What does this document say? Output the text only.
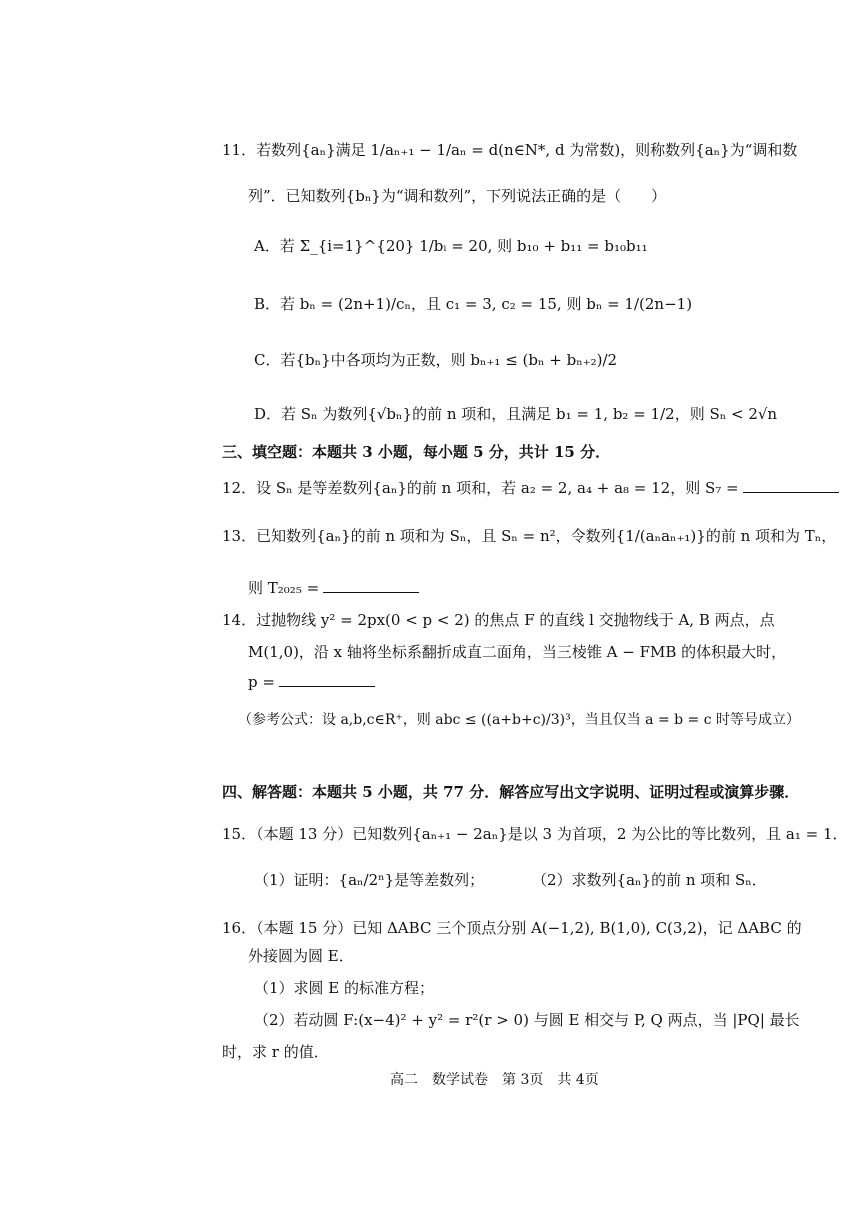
11．若数列{aₙ}满足 1/aₙ₊₁ − 1/aₙ = d(n∈N*, d 为常数)，则称数列{aₙ}为“调和数
列”．已知数列{bₙ}为“调和数列”，下列说法正确的是（　　）
A．若 Σ_{i=1}^{20} 1/bᵢ = 20, 则 b₁₀ + b₁₁ = b₁₀b₁₁
B．若 bₙ = (2n+1)/cₙ，且 c₁ = 3, c₂ = 15, 则 bₙ = 1/(2n−1)
C．若{bₙ}中各项均为正数，则 bₙ₊₁ ≤ (bₙ + bₙ₊₂)/2
D．若 Sₙ 为数列{√bₙ}的前 n 项和，且满足 b₁ = 1, b₂ = 1/2，则 Sₙ < 2√n
三、填空题：本题共 3 小题，每小题 5 分，共计 15 分．
12．设 Sₙ 是等差数列{aₙ}的前 n 项和，若 a₂ = 2, a₄ + a₈ = 12，则 S₇ =
13．已知数列{aₙ}的前 n 项和为 Sₙ，且 Sₙ = n²，令数列{1/(aₙaₙ₊₁)}的前 n 项和为 Tₙ，
则 T₂₀₂₅ =
14．过抛物线 y² = 2px(0 < p < 2) 的焦点 F 的直线 l 交抛物线于 A, B 两点，点
M(1,0)，沿 x 轴将坐标系翻折成直二面角，当三棱锥 A − FMB 的体积最大时，
p =
（参考公式：设 a,b,c∈R⁺，则 abc ≤ ((a+b+c)/3)³，当且仅当 a = b = c 时等号成立）
四、解答题：本题共 5 小题，共 77 分．解答应写出文字说明、证明过程或演算步骤．
15．（本题 13 分）已知数列{aₙ₊₁ − 2aₙ}是以 3 为首项，2 为公比的等比数列，且 a₁ = 1．
（1）证明：{aₙ/2ⁿ}是等差数列；	（2）求数列{aₙ}的前 n 项和 Sₙ．
16．（本题 15 分）已知 ΔABC 三个顶点分别 A(−1,2), B(1,0), C(3,2)，记 ΔABC 的
外接圆为圆 E．
（1）求圆 E 的标准方程；
（2）若动圆 F:(x−4)² + y² = r²(r > 0) 与圆 E 相交与 P, Q 两点，当 |PQ| 最长
时，求 r 的值．
高二　数学试卷　第 3页　共 4页
